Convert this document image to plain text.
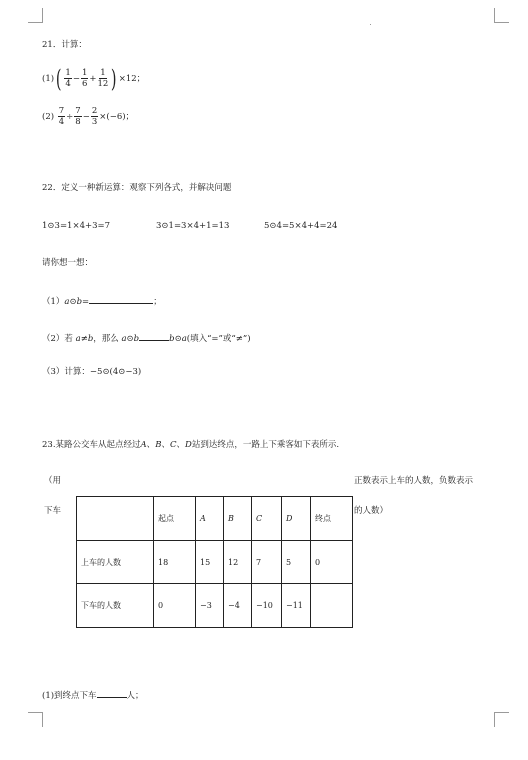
21．计算：
$(1)( \frac{1}{4} - \frac{1}{6} + \frac{1}{12}$ ) ×12；
$(2) \frac{7}{4} \div \frac{7}{8} - \frac{2}{3} \times(-6)$；
22．定义一种新运算：观察下列各式，并解决问题
1⊙3=1×4+3=7	3⊙1=3×4+1=13	5⊙4=5×4+4=24
请你想一想：
（1）a⊙b=	；
（2）若 a≠b，那么 a⊙b	b⊙a(填入“=”或“≠”)
（3）计算：−5⊙(4⊙−3)
23.某路公交车从起点经过A、B、C、D站到达终点，一路上下乘客如下表所示.
（用
下车
正数表示上车的人数，负数表示
的人数）
	起点	A	B	C	D	终点
上车的人数	18	15	12	7	5	0
下车的人数	0	−3	−4	−10	−11	
(1)到终点下车	人；
